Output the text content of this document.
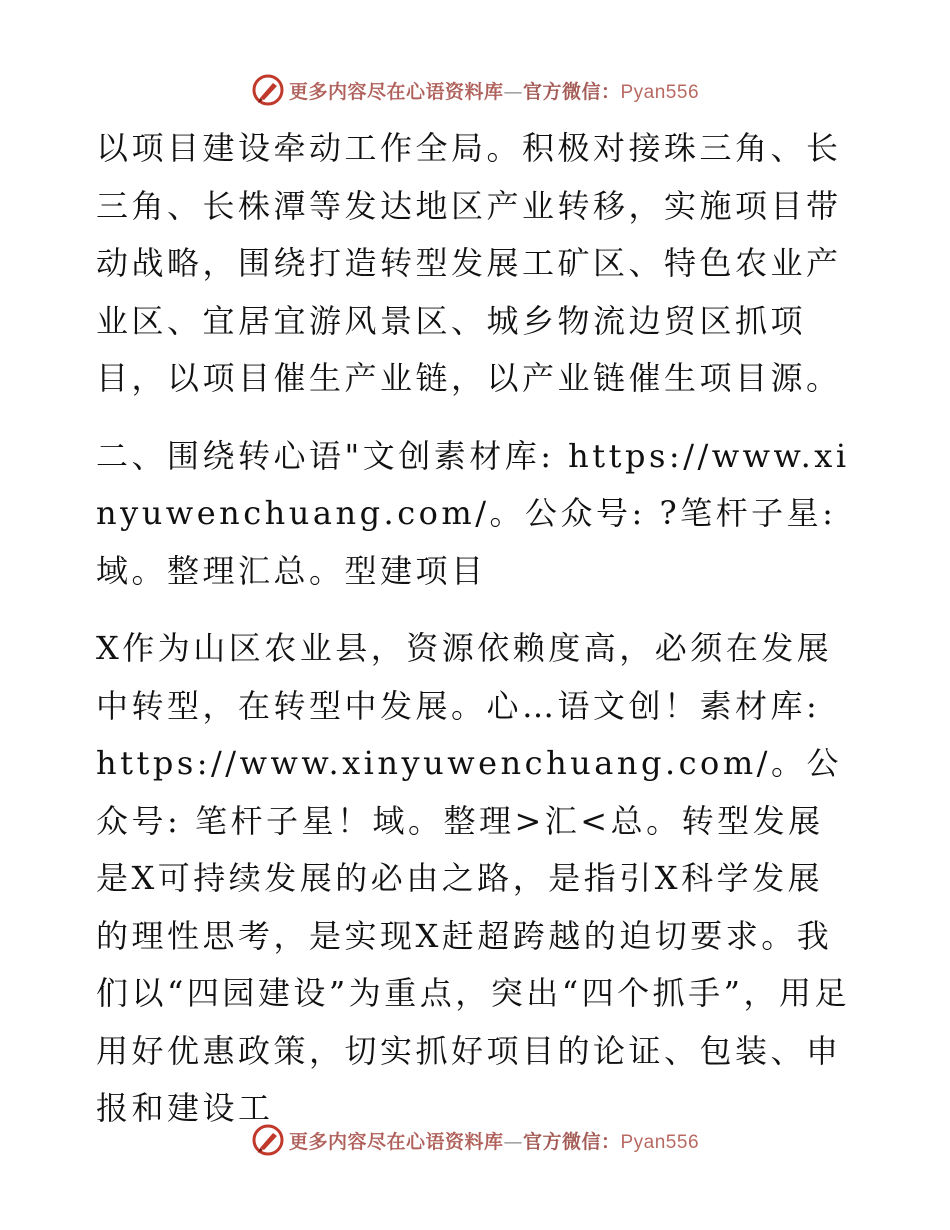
更多内容尽在心语资料库—官方微信：Pyan556

以项目建设牵动工作全局。积极对接珠三角、长三角、长株潭等发达地区产业转移，实施项目带动战略，围绕打造转型发展工矿区、特色农业产业区、宜居宜游风景区、城乡物流边贸区抓项目，以项目催生产业链，以产业链催生项目源。

二、围绕转心语"文创素材库: https://www.xinyuwenchuang.com/。公众号: ?笔杆子星:域。整理汇总。型建项目

X作为山区农业县，资源依赖度高，必须在发展中转型，在转型中发展。心…语文创！素材库: https://www.xinyuwenchuang.com/。公众号: 笔杆子星！域。整理>汇<总。转型发展是X可持续发展的必由之路，是指引X科学发展的理性思考，是实现X赶超跨越的迫切要求。我们以“四园建设”为重点，突出“四个抓手”，用足用好优惠政策，切实抓好项目的论证、包装、申报和建设工

更多内容尽在心语资料库—官方微信：Pyan556
